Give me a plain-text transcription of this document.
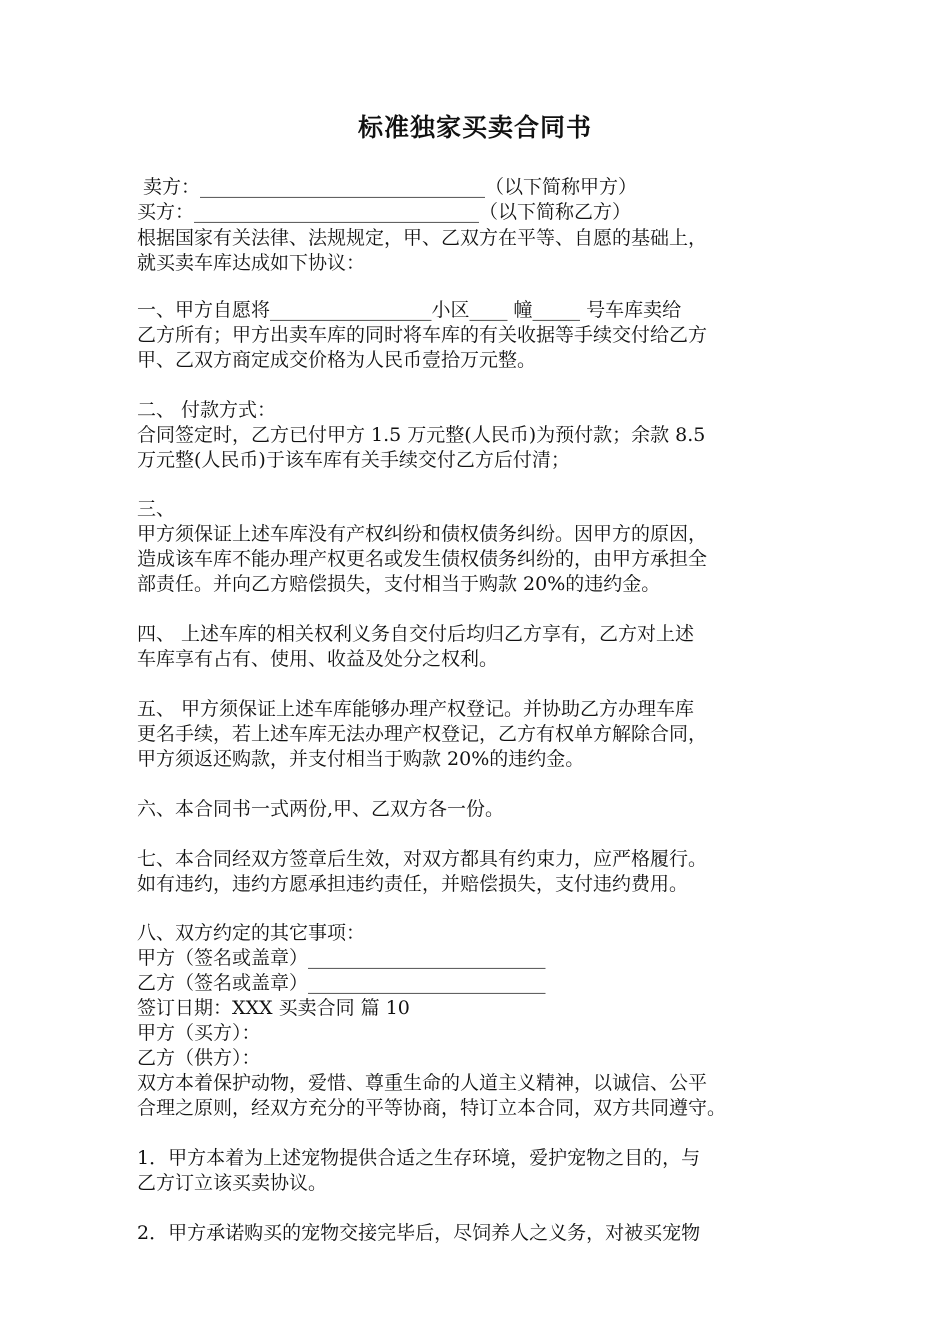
标准独家买卖合同书
卖方：______________________________（以下简称甲方）
买方：______________________________（以下简称乙方）
根据国家有关法律、法规规定，甲、乙双方在平等、自愿的基础上，
就买卖车库达成如下协议：
一、甲方自愿将_________________小区____ 幢_____ 号车库卖给
乙方所有；甲方出卖车库的同时将车库的有关收据等手续交付给乙方
甲、乙双方商定成交价格为人民币壹拾万元整。
二、 付款方式：
合同签定时，乙方已付甲方 1.5 万元整(人民币)为预付款；余款 8.5
万元整(人民币)于该车库有关手续交付乙方后付清；
三、
甲方须保证上述车库没有产权纠纷和债权债务纠纷。因甲方的原因，
造成该车库不能办理产权更名或发生债权债务纠纷的，由甲方承担全
部责任。并向乙方赔偿损失，支付相当于购款 20%的违约金。
四、 上述车库的相关权利义务自交付后均归乙方享有，乙方对上述
车库享有占有、使用、收益及处分之权利。
五、 甲方须保证上述车库能够办理产权登记。并协助乙方办理车库
更名手续，若上述车库无法办理产权登记，乙方有权单方解除合同，
甲方须返还购款，并支付相当于购款 20%的违约金。
六、本合同书一式两份,甲、乙双方各一份。
七、本合同经双方签章后生效，对双方都具有约束力，应严格履行。
如有违约，违约方愿承担违约责任，并赔偿损失，支付违约费用。
八、双方约定的其它事项：
甲方（签名或盖章）_________________________
乙方（签名或盖章）_________________________
签订日期：XXX 买卖合同 篇 10
甲方（买方）：
乙方（供方）：
双方本着保护动物，爱惜、尊重生命的人道主义精神，以诚信、公平
合理之原则，经双方充分的平等协商，特订立本合同，双方共同遵守。
1．甲方本着为上述宠物提供合适之生存环境，爱护宠物之目的，与
乙方订立该买卖协议。
2．甲方承诺购买的宠物交接完毕后，尽饲养人之义务，对被买宠物
